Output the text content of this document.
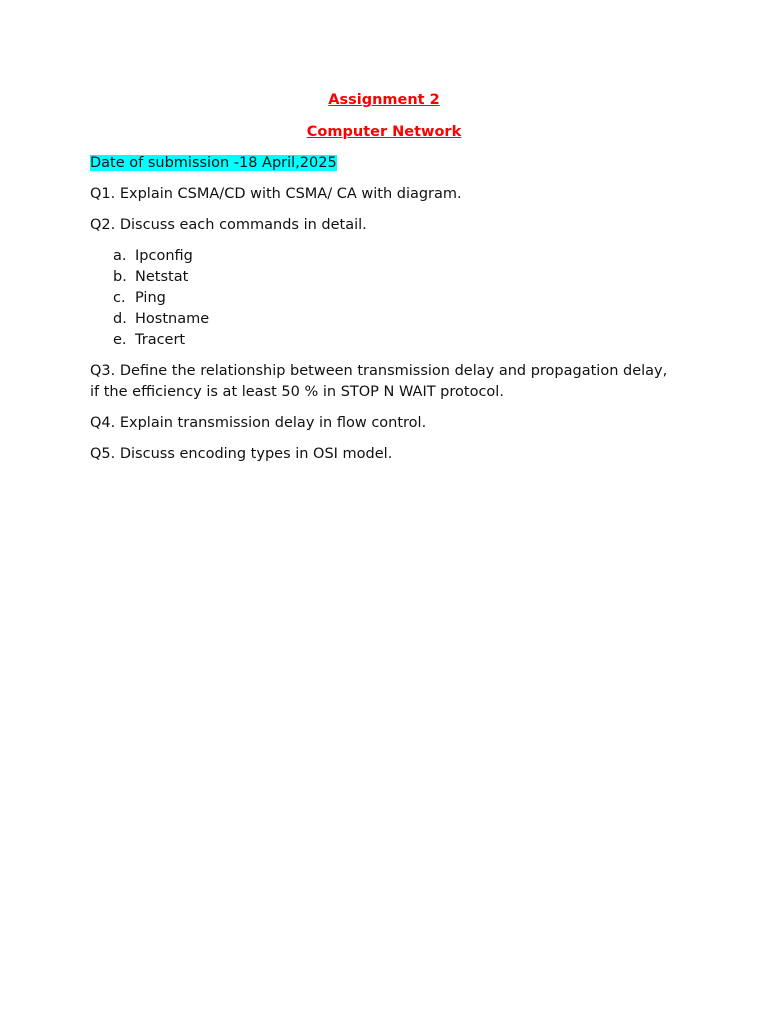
Assignment 2

Computer Network

Date of submission -18 April,2025

Q1. Explain CSMA/CD with CSMA/ CA with diagram.

Q2. Discuss each commands in detail.

a. Ipconfig
b. Netstat
c. Ping
d. Hostname
e. Tracert

Q3. Define the relationship between transmission delay and propagation delay, if the efficiency is at least 50 % in STOP N WAIT protocol.

Q4. Explain transmission delay in flow control.

Q5. Discuss encoding types in OSI model.
